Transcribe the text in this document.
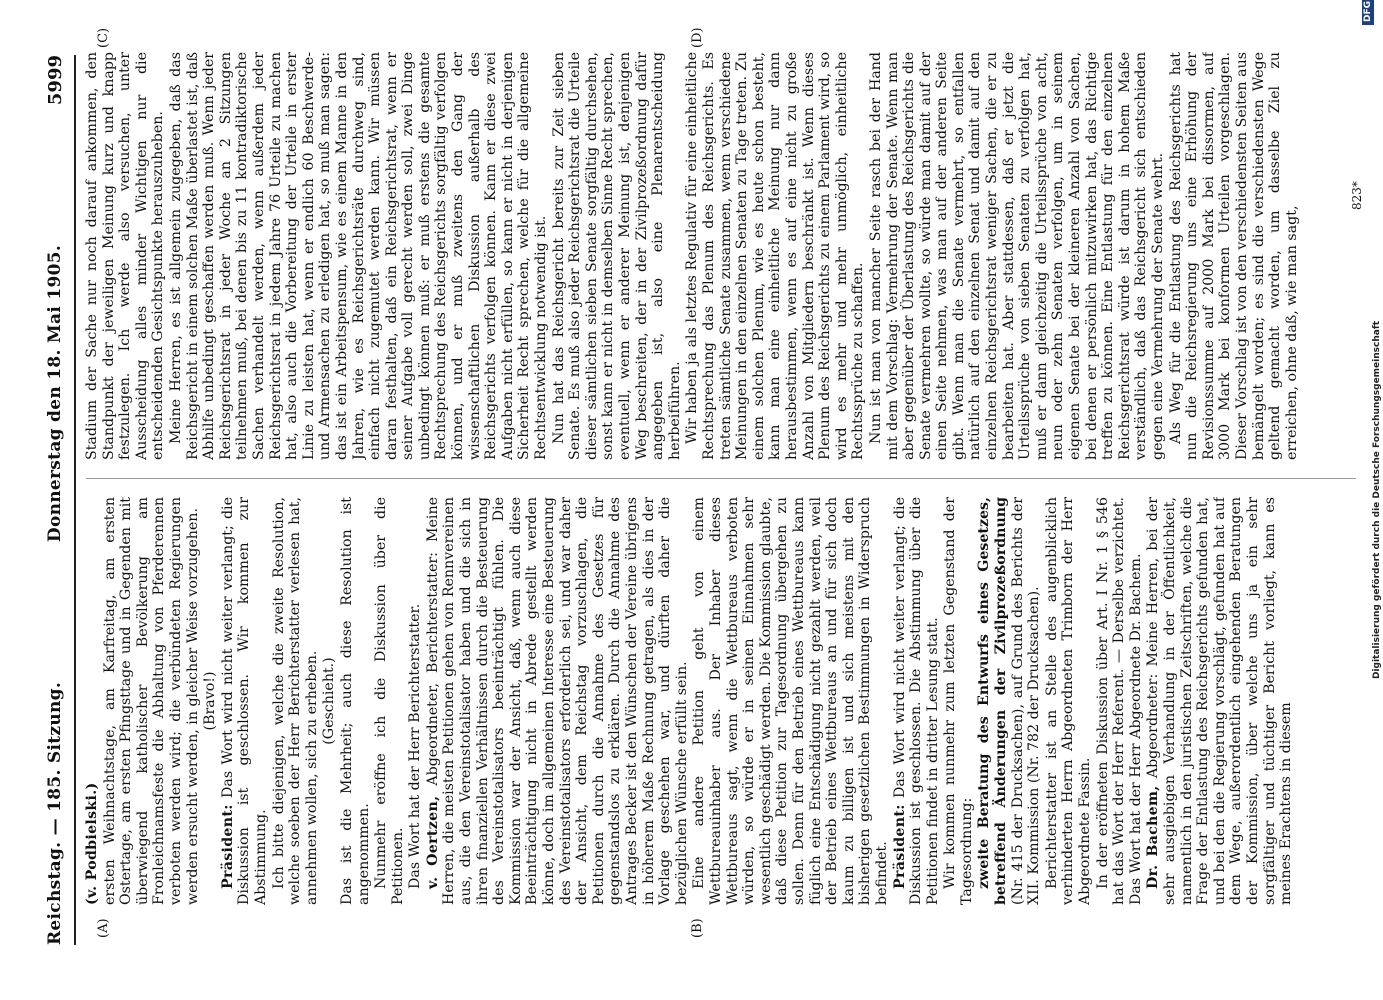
Reichstag. — 185. Sitzung.
Donnerstag den 18. Mai 1905.
5999
(A)	(B)
(C)	(D)

(v. Podbielski.) ersten Weihnachtstage, am Karfreitag, am ersten Ostertage, am ersten Pfingsttage und in Gegenden mit überwiegend katholischer Bevölkerung am Fronleichnamsfeste die Abhaltung von Pferderennen verboten werden wird; die verbündeten Regierungen werden ersucht werden, in gleicher Weise vorzugehen. (Bravo!)

Präsident: Das Wort wird nicht weiter verlangt; die Diskussion ist geschlossen. Wir kommen zur Abstimmung. Ich bitte diejenigen, welche die zweite Resolution, welche soeben der Herr Berichterstatter verlesen hat, annehmen wollen, sich zu erheben. (Geschieht.) Das ist die Mehrheit; auch diese Resolution ist angenommen. Nunmehr eröffne ich die Diskussion über die Petitionen. Das Wort hat der Herr Berichterstatter. v. Oertzen, Abgeordneter, Berichterstatter: Meine Herren, die meisten Petitionen gehen von Rennvereinen aus, die den Vereinstotalisator haben und die sich in ihren finanziellen Verhältnissen durch die Besteuerung des Vereinstotalisators beeinträchtigt fühlen. Die Kommission war der Ansicht, daß, wenn auch diese Beeinträchtigung nicht in Abrede gestellt werden könne, doch im allgemeinen Interesse eine Besteuerung des Vereinstotalisators erforderlich sei, und war daher der Ansicht, dem Reichstag vorzuschlagen, die Petitionen durch die Annahme des Gesetzes für gegenstandslos zu erklären. Durch die Annahme des Antrages Becker ist den Wünschen der Vereine übrigens in höherem Maße Rechnung getragen, als dies in der Vorlage geschehen war, und dürften daher die bezüglichen Wünsche erfüllt sein. Eine andere Petition geht von einem Wettbureauinhaber aus. Der Inhaber dieses Wettbureaus sagt, wenn die Wettbureaus verboten würden, so würde er in seinen Einnahmen sehr wesentlich geschädigt werden. Die Kommission glaubte, daß diese Petition zur Tagesordnung übergehen zu sollen. Denn für den Betrieb eines Wettbureaus kann füglich eine Entschädigung nicht gezahlt werden, weil der Betrieb eines Wettbureaus an und für sich doch kaum zu billigen ist und sich meistens mit den bisherigen gesetzlichen Bestimmungen in Widerspruch befindet. Präsident: Das Wort wird nicht weiter verlangt; die Diskussion ist geschlossen. Die Abstimmung über die Petitionen findet in dritter Lesung statt. Wir kommen nunmehr zum letzten Gegenstand der Tagesordnung: zweite Beratung des Entwurfs eines Gesetzes, betreffend Änderungen der Zivilprozeßordnung (Nr. 415 der Drucksachen), auf Grund des Berichts der XII. Kommission (Nr. 782 der Drucksachen). Berichterstatter ist an Stelle des augenblicklich verhinderten Herrn Abgeordneten Trimborn der Herr Abgeordnete Fassin. In der eröffneten Diskussion über Art. I Nr. 1 § 546 hat das Wort der Herr Referent. — Derselbe verzichtet. Das Wort hat der Herr Abgeordnete Dr. Bachem. Dr. Bachem, Abgeordneter: Meine Herren, bei der sehr ausgiebigen Verhandlung in der Öffentlichkeit, namentlich in den juristischen Zeitschriften, welche die Frage der Entlastung des Reichsgerichts gefunden hat, und bei den die Regierung vorschlägt, gefunden hat auf dem Wege, außerordentlich eingehenden Beratungen der Kommission, über welche uns ja ein sehr sorgfältiger und tüchtiger Bericht vorliegt, kann es meines Erachtens in diesem

Stadium der Sache nur noch darauf ankommen, den Standpunkt der jeweiligen Meinung kurz und knapp festzulegen. Ich werde also versuchen, unter Ausscheidung alles minder Wichtigen nur die entscheidenden Gesichtspunkte herauszuheben. Meine Herren, es ist allgemein zugegeben, daß das Reichsgericht in einem solchen Maße überlastet ist, daß Abhilfe unbedingt geschaffen werden muß. Wenn jeder Reichsgerichtsrat in jeder Woche an 2 Sitzungen teilnehmen muß, bei denen bis zu 11 kontradiktorische Sachen verhandelt werden, wenn außerdem jeder Reichsgerichtsrat in jedem Jahre 76 Urteile zu machen hat, also auch die Vorbereitung der Urteile in erster Linie zu leisten hat, wenn er endlich 60 Beschwerde- und Armensachen zu erledigen hat, so muß man sagen: das ist ein Arbeitspensum, wie es einem Manne in den Jahren, wie es Reichsgerichtsräte durchweg sind, einfach nicht zugemutet werden kann. Wir müssen daran festhalten, daß ein Reichsgerichtsrat, wenn er seiner Aufgabe voll gerecht werden soll, zwei Dinge unbedingt können muß: er muß erstens die gesamte Rechtsprechung des Reichsgerichts sorgfältig verfolgen können, und er muß zweitens den Gang der wissenschaftlichen Diskussion außerhalb des Reichsgerichts verfolgen können. Kann er diese zwei Aufgaben nicht erfüllen, so kann er nicht in derjenigen Sicherheit Recht sprechen, welche für die allgemeine Rechtsentwicklung notwendig ist. Nun hat das Reichsgericht bereits zur Zeit sieben Senate. Es muß also jeder Reichsgerichtsrat die Urteile dieser sämtlichen sieben Senate sorgfältig durchsehen, sonst kann er nicht in demselben Sinne Recht sprechen, eventuell, wenn er anderer Meinung ist, denjenigen Weg beschreiten, der in der Zivilprozeßordnung dafür angegeben ist, also eine Plenarentscheidung herbeiführen. Wir haben ja als letztes Regulativ für eine einheitliche Rechtsprechung das Plenum des Reichsgerichts. Es treten sämtliche Senate zusammen, wenn verschiedene Meinungen in den einzelnen Senaten zu Tage treten. Zu einem solchen Plenum, wie es heute schon besteht, kann man eine einheitliche Meinung nur dann herausbestimmen, wenn es auf eine nicht zu große Anzahl von Mitgliedern beschränkt ist. Wenn dieses Plenum des Reichsgerichts zu einem Parlament wird, so wird es mehr und mehr unmöglich, einheitliche Rechtssprüche zu schaffen. Nun ist man von mancher Seite rasch bei der Hand mit dem Vorschlag: Vermehrung der Senate. Wenn man aber gegenüber der Überlastung des Reichsgerichts die Senate vermehren wollte, so würde man damit auf der einen Seite nehmen, was man auf der anderen Seite gibt. Wenn man die Senate vermehrt, so entfallen natürlich auf den einzelnen Senat und damit auf den einzelnen Reichsgerichtsrat weniger Sachen, die er zu bearbeiten hat. Aber stattdessen, daß er jetzt die Urteilssprüche von sieben Senaten zu verfolgen hat, muß er dann gleichzeitig die Urteilssprüche von acht, neun oder zehn Senaten verfolgen, um in seinem eigenen Senate bei der kleineren Anzahl von Sachen, bei denen er persönlich mitzuwirken hat, das Richtige treffen zu können. Eine Entlastung für den einzelnen Reichsgerichtsrat würde ist darum in hohem Maße verständlich, daß das Reichsgericht sich entschieden gegen eine Vermehrung der Senate wehrt. Als Weg für die Entlastung des Reichsgerichts hat nun die Reichsregierung uns eine Erhöhung der Revisionssumme auf 2000 Mark bei dissormen, auf 3000 Mark bei konformen Urteilen vorgeschlagen. Dieser Vorschlag ist von den verschiedensten Seiten aus bemängelt worden; es sind die verschiedensten Wege geltend gemacht worden, um dasselbe Ziel zu erreichen, ohne daß, wie man sagt,

823*
Digitalisierung gefördert durch die Deutsche Forschungsgemeinschaft
DFG
